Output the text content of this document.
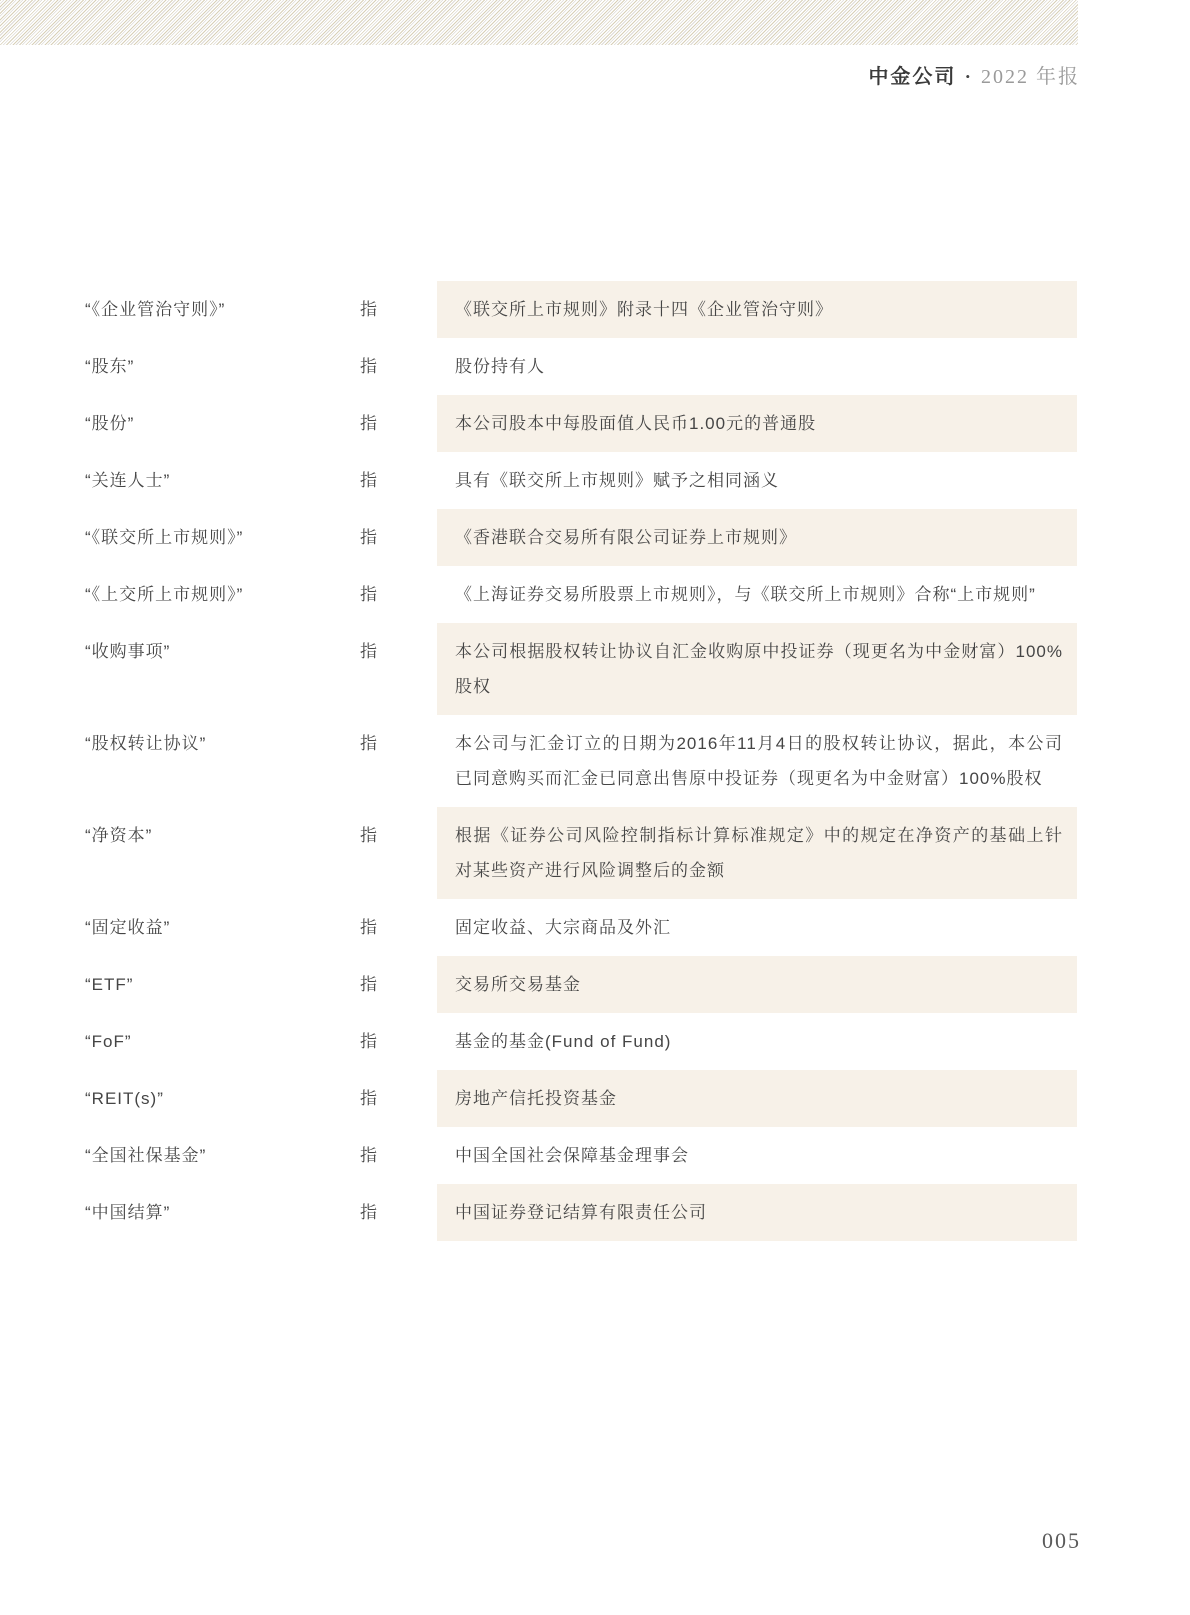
中金公司 • 2022 年报
“《企业管治守则》”	指	《联交所上市规则》附录十四《企业管治守则》
“股东”	指	股份持有人
“股份”	指	本公司股本中每股面值人民币1.00元的普通股
“关连人士”	指	具有《联交所上市规则》赋予之相同涵义
“《联交所上市规则》”	指	《香港联合交易所有限公司证券上市规则》
“《上交所上市规则》”	指	《上海证券交易所股票上市规则》，与《联交所上市规则》合称“上市规则”
“收购事项”	指	本公司根据股权转让协议自汇金收购原中投证券（现更名为中金财富）100%股权
“股权转让协议”	指	本公司与汇金订立的日期为2016年11月4日的股权转让协议，据此，本公司已同意购买而汇金已同意出售原中投证券（现更名为中金财富）100%股权
“净资本”	指	根据《证券公司风险控制指标计算标准规定》中的规定在净资产的基础上针对某些资产进行风险调整后的金额
“固定收益”	指	固定收益、大宗商品及外汇
“ETF”	指	交易所交易基金
“FoF”	指	基金的基金(Fund of Fund)
“REIT(s)”	指	房地产信托投资基金
“全国社保基金”	指	中国全国社会保障基金理事会
“中国结算”	指	中国证券登记结算有限责任公司
005
